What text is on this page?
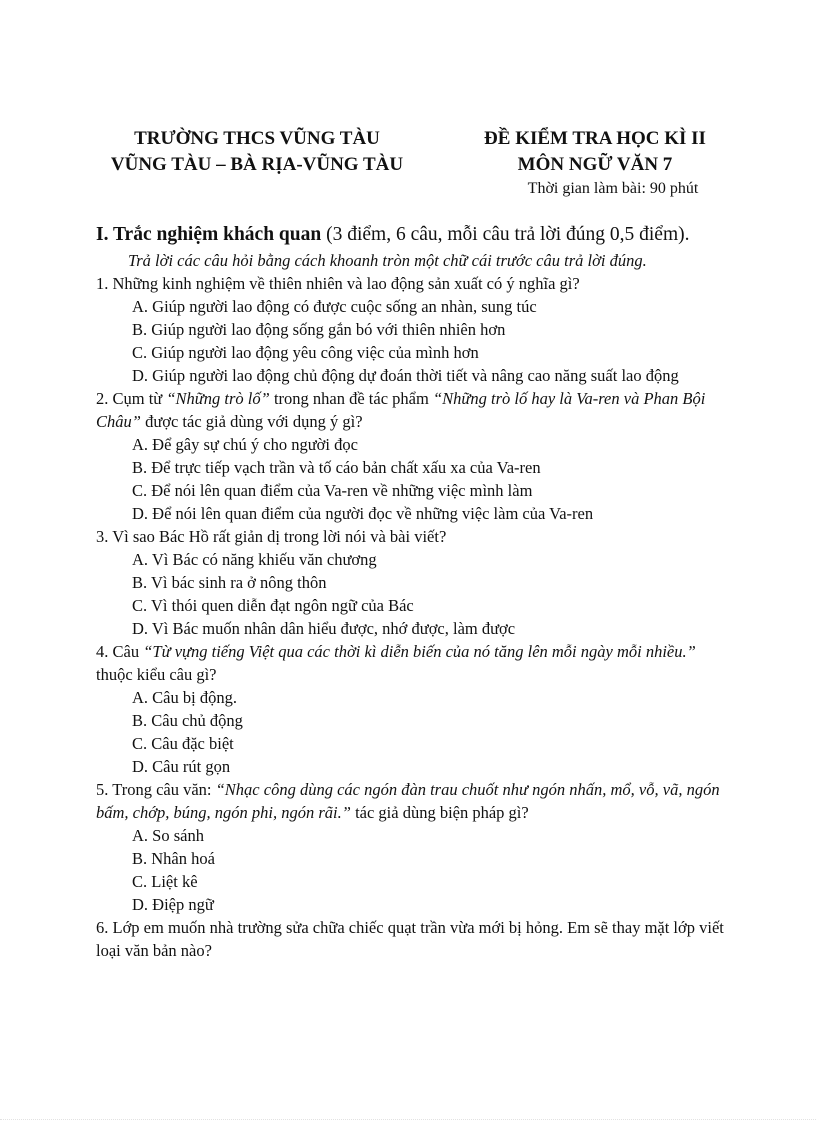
TRƯỜNG THCS VŨNG TÀU
VŨNG TÀU – BÀ RỊA-VŨNG TÀU
ĐỀ KIỂM TRA HỌC KÌ II
MÔN NGỮ VĂN 7
Thời gian làm bài: 90 phút

I. Trắc nghiệm khách quan (3 điểm, 6 câu, mỗi câu trả lời đúng 0,5 điểm).

Trả lời các câu hỏi bằng cách khoanh tròn một chữ cái trước câu trả lời đúng.

1. Những kinh nghiệm về thiên nhiên và lao động sản xuất có ý nghĩa gì?

A. Giúp người lao động có được cuộc sống an nhàn, sung túc

B. Giúp người lao động sống gắn bó với thiên nhiên hơn

C. Giúp người lao động yêu công việc của mình hơn

D. Giúp người lao động chủ động dự đoán thời tiết và nâng cao năng suất lao động

2. Cụm từ “Những trò lố” trong nhan đề tác phẩm “Những trò lố hay là Va-ren và Phan Bội Châu” được tác giả dùng với dụng ý gì?

A. Để gây sự chú ý cho người đọc

B. Để trực tiếp vạch trần và tố cáo bản chất xấu xa của Va-ren

C. Để nói lên quan điểm của Va-ren về những việc mình làm

D. Để nói lên quan điểm của người đọc về những việc làm của Va-ren

3. Vì sao Bác Hồ rất giản dị trong lời nói và bài viết?

A. Vì Bác có năng khiếu văn chương

B. Vì bác sinh ra ở nông thôn

C. Vì thói quen diễn đạt ngôn ngữ của Bác

D. Vì Bác muốn nhân dân hiểu được, nhớ được, làm được

4. Câu “Từ vựng tiếng Việt qua các thời kì diễn biến của nó tăng lên mỗi ngày mỗi nhiều.” thuộc kiểu câu gì?

A. Câu bị động.

B. Câu chủ động

C. Câu đặc biệt

D. Câu rút gọn

5. Trong câu văn: “Nhạc công dùng các ngón đàn trau chuốt như ngón nhấn, mổ, vỗ, vã, ngón bấm, chớp, búng, ngón phi, ngón rãi.” tác giả dùng biện pháp gì?

A. So sánh

B. Nhân hoá

C. Liệt kê

D. Điệp ngữ

6. Lớp em muốn nhà trường sửa chữa chiếc quạt trần vừa mới bị hỏng. Em sẽ thay mặt lớp viết loại văn bản nào?
